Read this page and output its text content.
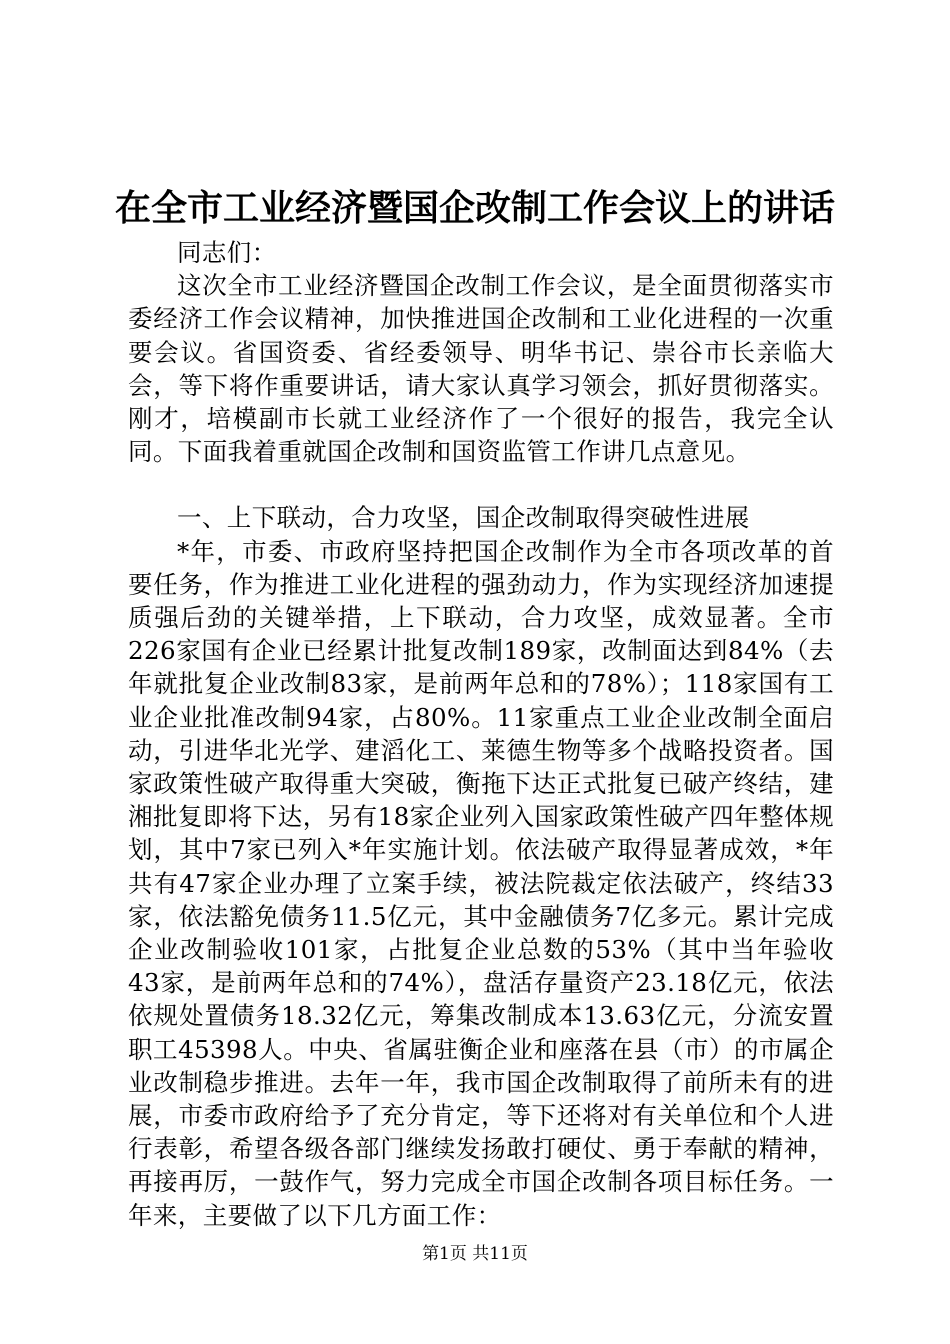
在全市工业经济暨国企改制工作会议上的讲话

同志们：

这次全市工业经济暨国企改制工作会议，是全面贯彻落实市委经济工作会议精神，加快推进国企改制和工业化进程的一次重要会议。省国资委、省经委领导、明华书记、崇谷市长亲临大会，等下将作重要讲话，请大家认真学习领会，抓好贯彻落实。刚才，培模副市长就工业经济作了一个很好的报告，我完全认同。下面我着重就国企改制和国资监管工作讲几点意见。

一、上下联动，合力攻坚，国企改制取得突破性进展

*年，市委、市政府坚持把国企改制作为全市各项改革的首要任务，作为推进工业化进程的强劲动力，作为实现经济加速提质强后劲的关键举措，上下联动，合力攻坚，成效显著。全市226家国有企业已经累计批复改制189家，改制面达到84%（去年就批复企业改制83家，是前两年总和的78%）；118家国有工业企业批准改制94家，占80%。11家重点工业企业改制全面启动，引进华北光学、建滔化工、莱德生物等多个战略投资者。国家政策性破产取得重大突破，衡拖下达正式批复已破产终结，建湘批复即将下达，另有18家企业列入国家政策性破产四年整体规划，其中7家已列入*年实施计划。依法破产取得显著成效，*年共有47家企业办理了立案手续，被法院裁定依法破产，终结33家，依法豁免债务11.5亿元，其中金融债务7亿多元。累计完成企业改制验收101家，占批复企业总数的53%（其中当年验收43家，是前两年总和的74%），盘活存量资产23.18亿元，依法依规处置债务18.32亿元，筹集改制成本13.63亿元，分流安置职工45398人。中央、省属驻衡企业和座落在县（市）的市属企业改制稳步推进。去年一年，我市国企改制取得了前所未有的进展，市委市政府给予了充分肯定，等下还将对有关单位和个人进行表彰，希望各级各部门继续发扬敢打硬仗、勇于奉献的精神，再接再厉，一鼓作气，努力完成全市国企改制各项目标任务。一年来，主要做了以下几方面工作：

第1页 共11页
